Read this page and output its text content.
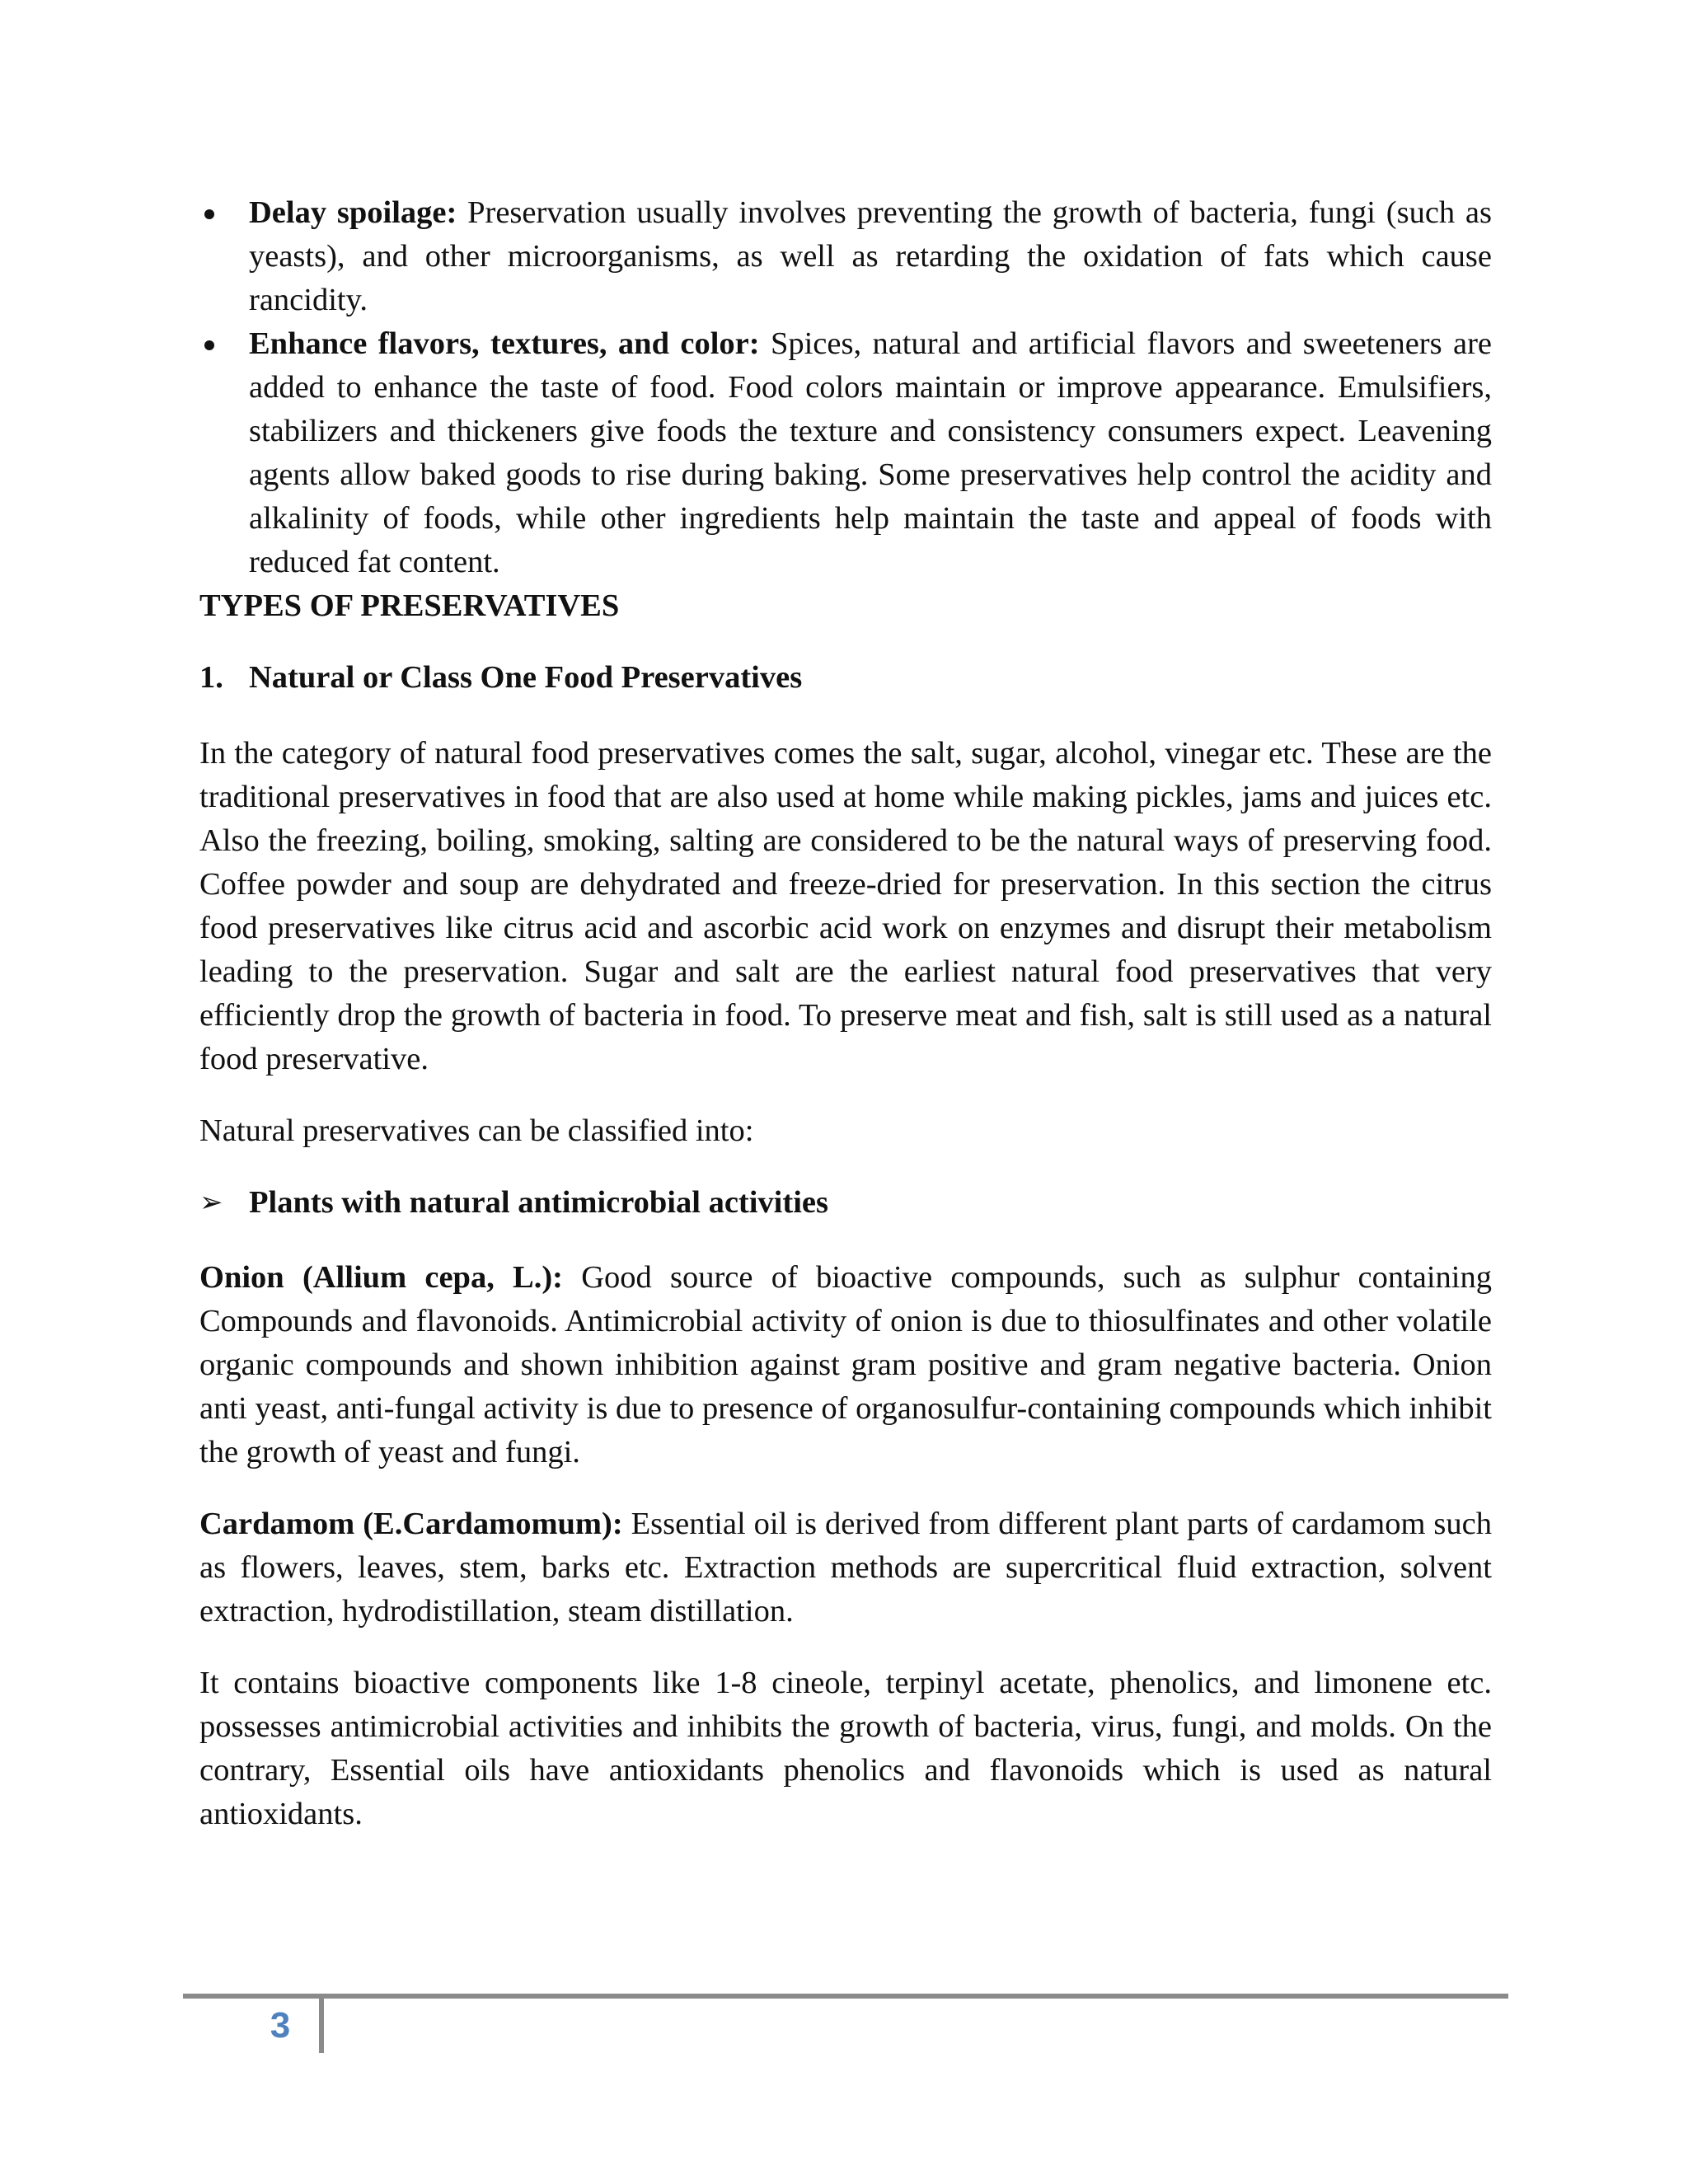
Delay spoilage: Preservation usually involves preventing the growth of bacteria, fungi (such as yeasts), and other microorganisms, as well as retarding the oxidation of fats which cause rancidity.
Enhance flavors, textures, and color: Spices, natural and artificial flavors and sweeteners are added to enhance the taste of food. Food colors maintain or improve appearance. Emulsifiers, stabilizers and thickeners give foods the texture and consistency consumers expect. Leavening agents allow baked goods to rise during baking. Some preservatives help control the acidity and alkalinity of foods, while other ingredients help maintain the taste and appeal of foods with reduced fat content.

TYPES OF PRESERVATIVES

1. Natural or Class One Food Preservatives

In the category of natural food preservatives comes the salt, sugar, alcohol, vinegar etc. These are the traditional preservatives in food that are also used at home while making pickles, jams and juices etc. Also the freezing, boiling, smoking, salting are considered to be the natural ways of preserving food. Coffee powder and soup are dehydrated and freeze-dried for preservation. In this section the citrus food preservatives like citrus acid and ascorbic acid work on enzymes and disrupt their metabolism leading to the preservation. Sugar and salt are the earliest natural food preservatives that very efficiently drop the growth of bacteria in food. To preserve meat and fish, salt is still used as a natural food preservative.

Natural preservatives can be classified into:

➢ Plants with natural antimicrobial activities

Onion (Allium cepa, L.): Good source of bioactive compounds, such as sulphur containing Compounds and flavonoids. Antimicrobial activity of onion is due to thiosulfinates and other volatile organic compounds and shown inhibition against gram positive and gram negative bacteria. Onion anti yeast, anti-fungal activity is due to presence of organosulfur-containing compounds which inhibit the growth of yeast and fungi.

Cardamom (E.Cardamomum): Essential oil is derived from different plant parts of cardamom such as flowers, leaves, stem, barks etc. Extraction methods are supercritical fluid extraction, solvent extraction, hydrodistillation, steam distillation.

It contains bioactive components like 1-8 cineole, terpinyl acetate, phenolics, and limonene etc. possesses antimicrobial activities and inhibits the growth of bacteria, virus, fungi, and molds. On the contrary, Essential oils have antioxidants phenolics and flavonoids which is used as natural antioxidants.

3
